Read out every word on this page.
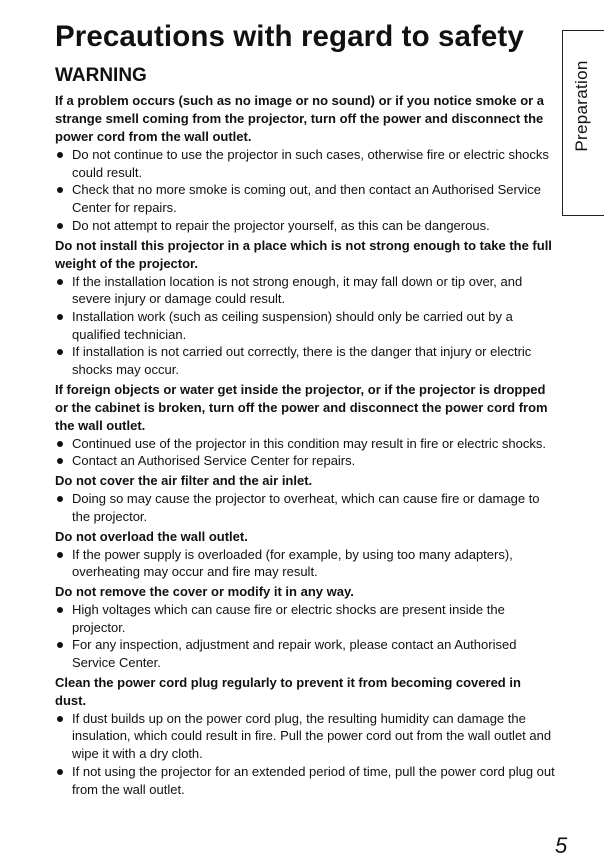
Precautions with regard to safety
Preparation
WARNING
If a problem occurs (such as no image or no sound) or if you notice smoke or a strange smell coming from the projector, turn off the power and disconnect the power cord from the wall outlet.
Do not continue to use the projector in such cases, otherwise fire or electric shocks could result.
Check that no more smoke is coming out, and then contact an Authorised Service Center for repairs.
Do not attempt to repair the projector yourself, as this can be dangerous.
Do not install this projector in a place which is not strong enough to take the full weight of the projector.
If the installation location is not strong enough, it may fall down or tip over, and severe injury or damage could result.
Installation work (such as ceiling suspension) should only be carried out by a qualified technician.
If installation is not carried out correctly, there is the danger that injury or electric shocks may occur.
If foreign objects or water get inside the projector, or if the projector is dropped or the cabinet is broken, turn off the power and disconnect the power cord from the wall outlet.
Continued use of the projector in this condition may result in fire or electric shocks.
Contact an Authorised Service Center for repairs.
Do not cover the air filter and the air inlet.
Doing so may cause the projector to overheat, which can cause fire or damage to the projector.
Do not overload the wall outlet.
If the power supply is overloaded (for example, by using too many adapters), overheating may occur and fire may result.
Do not remove the cover or modify it in any way.
High voltages which can cause fire or electric shocks are present inside the projector.
For any inspection, adjustment and repair work, please contact an Authorised Service Center.
Clean the power cord plug regularly to prevent it from becoming covered in dust.
If dust builds up on the power cord plug, the resulting humidity can damage the insulation, which could result in fire. Pull the power cord out from the wall outlet and wipe it with a dry cloth.
If not using the projector for an extended period of time, pull the power cord plug out from the wall outlet.
5
